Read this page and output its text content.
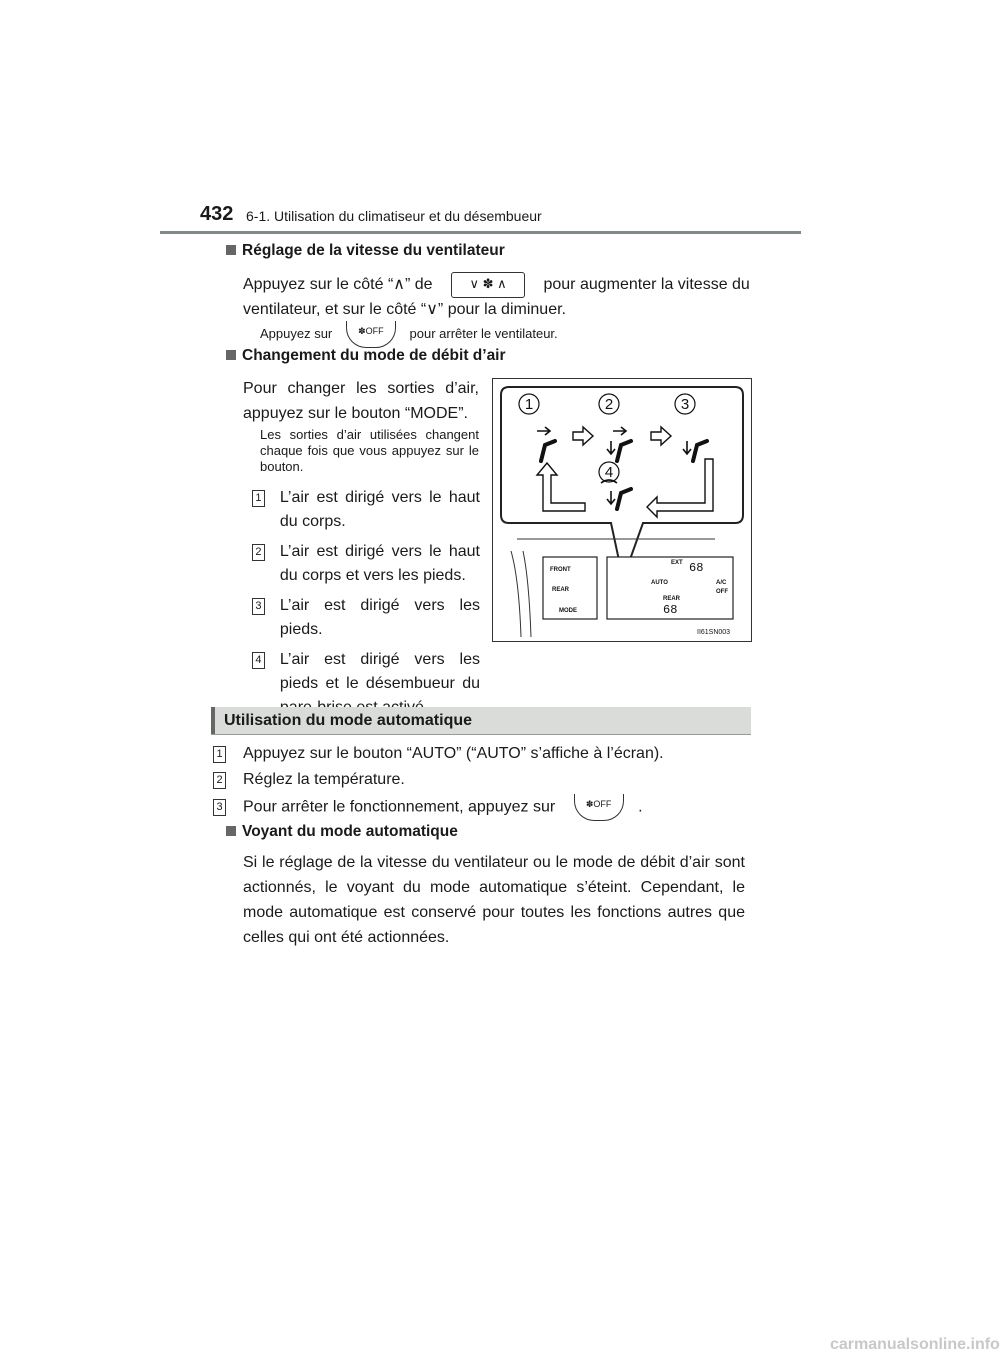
432 6-1. Utilisation du climatiseur et du désembueur
Réglage de la vitesse du ventilateur
Appuyez sur le côté “∧” de	∨ ✽ ∧ pour augmenter la vitesse du
ventilateur, et sur le côté “∨” pour la diminuer.
Appuyez sur	✽OFF pour arrêter le ventilateur.
Changement du mode de débit d’air
Pour changer les sorties d’air, appuyez sur le bouton “MODE”.
Les sorties d’air utilisées changent chaque fois que vous appuyez sur le bouton.
1 L’air est dirigé vers le haut du corps.
2 L’air est dirigé vers le haut du corps et vers les pieds.
3 L’air est dirigé vers les pieds.
4 L’air est dirigé vers les pieds et le désembueur du
1	2	3
4
FRONT
REAR
MODE
EXT
AUTO
REAR
A/C
OFF
68
68
II61SN003
Utilisation du mode automatique
1 Appuyez sur le bouton “AUTO” (“AUTO” s’affiche à l’écran).
2 Réglez la température.
3 Pour arrêter le fonctionnement, appuyez sur	✽OFF .
Voyant du mode automatique
Si le réglage de la vitesse du ventilateur ou le mode de débit d’air sont actionnés, le voyant du mode automatique s’éteint. Cependant, le mode automatique est conservé pour toutes les fonctions autres que celles qui ont été actionnées.
carmanualsonline.info
